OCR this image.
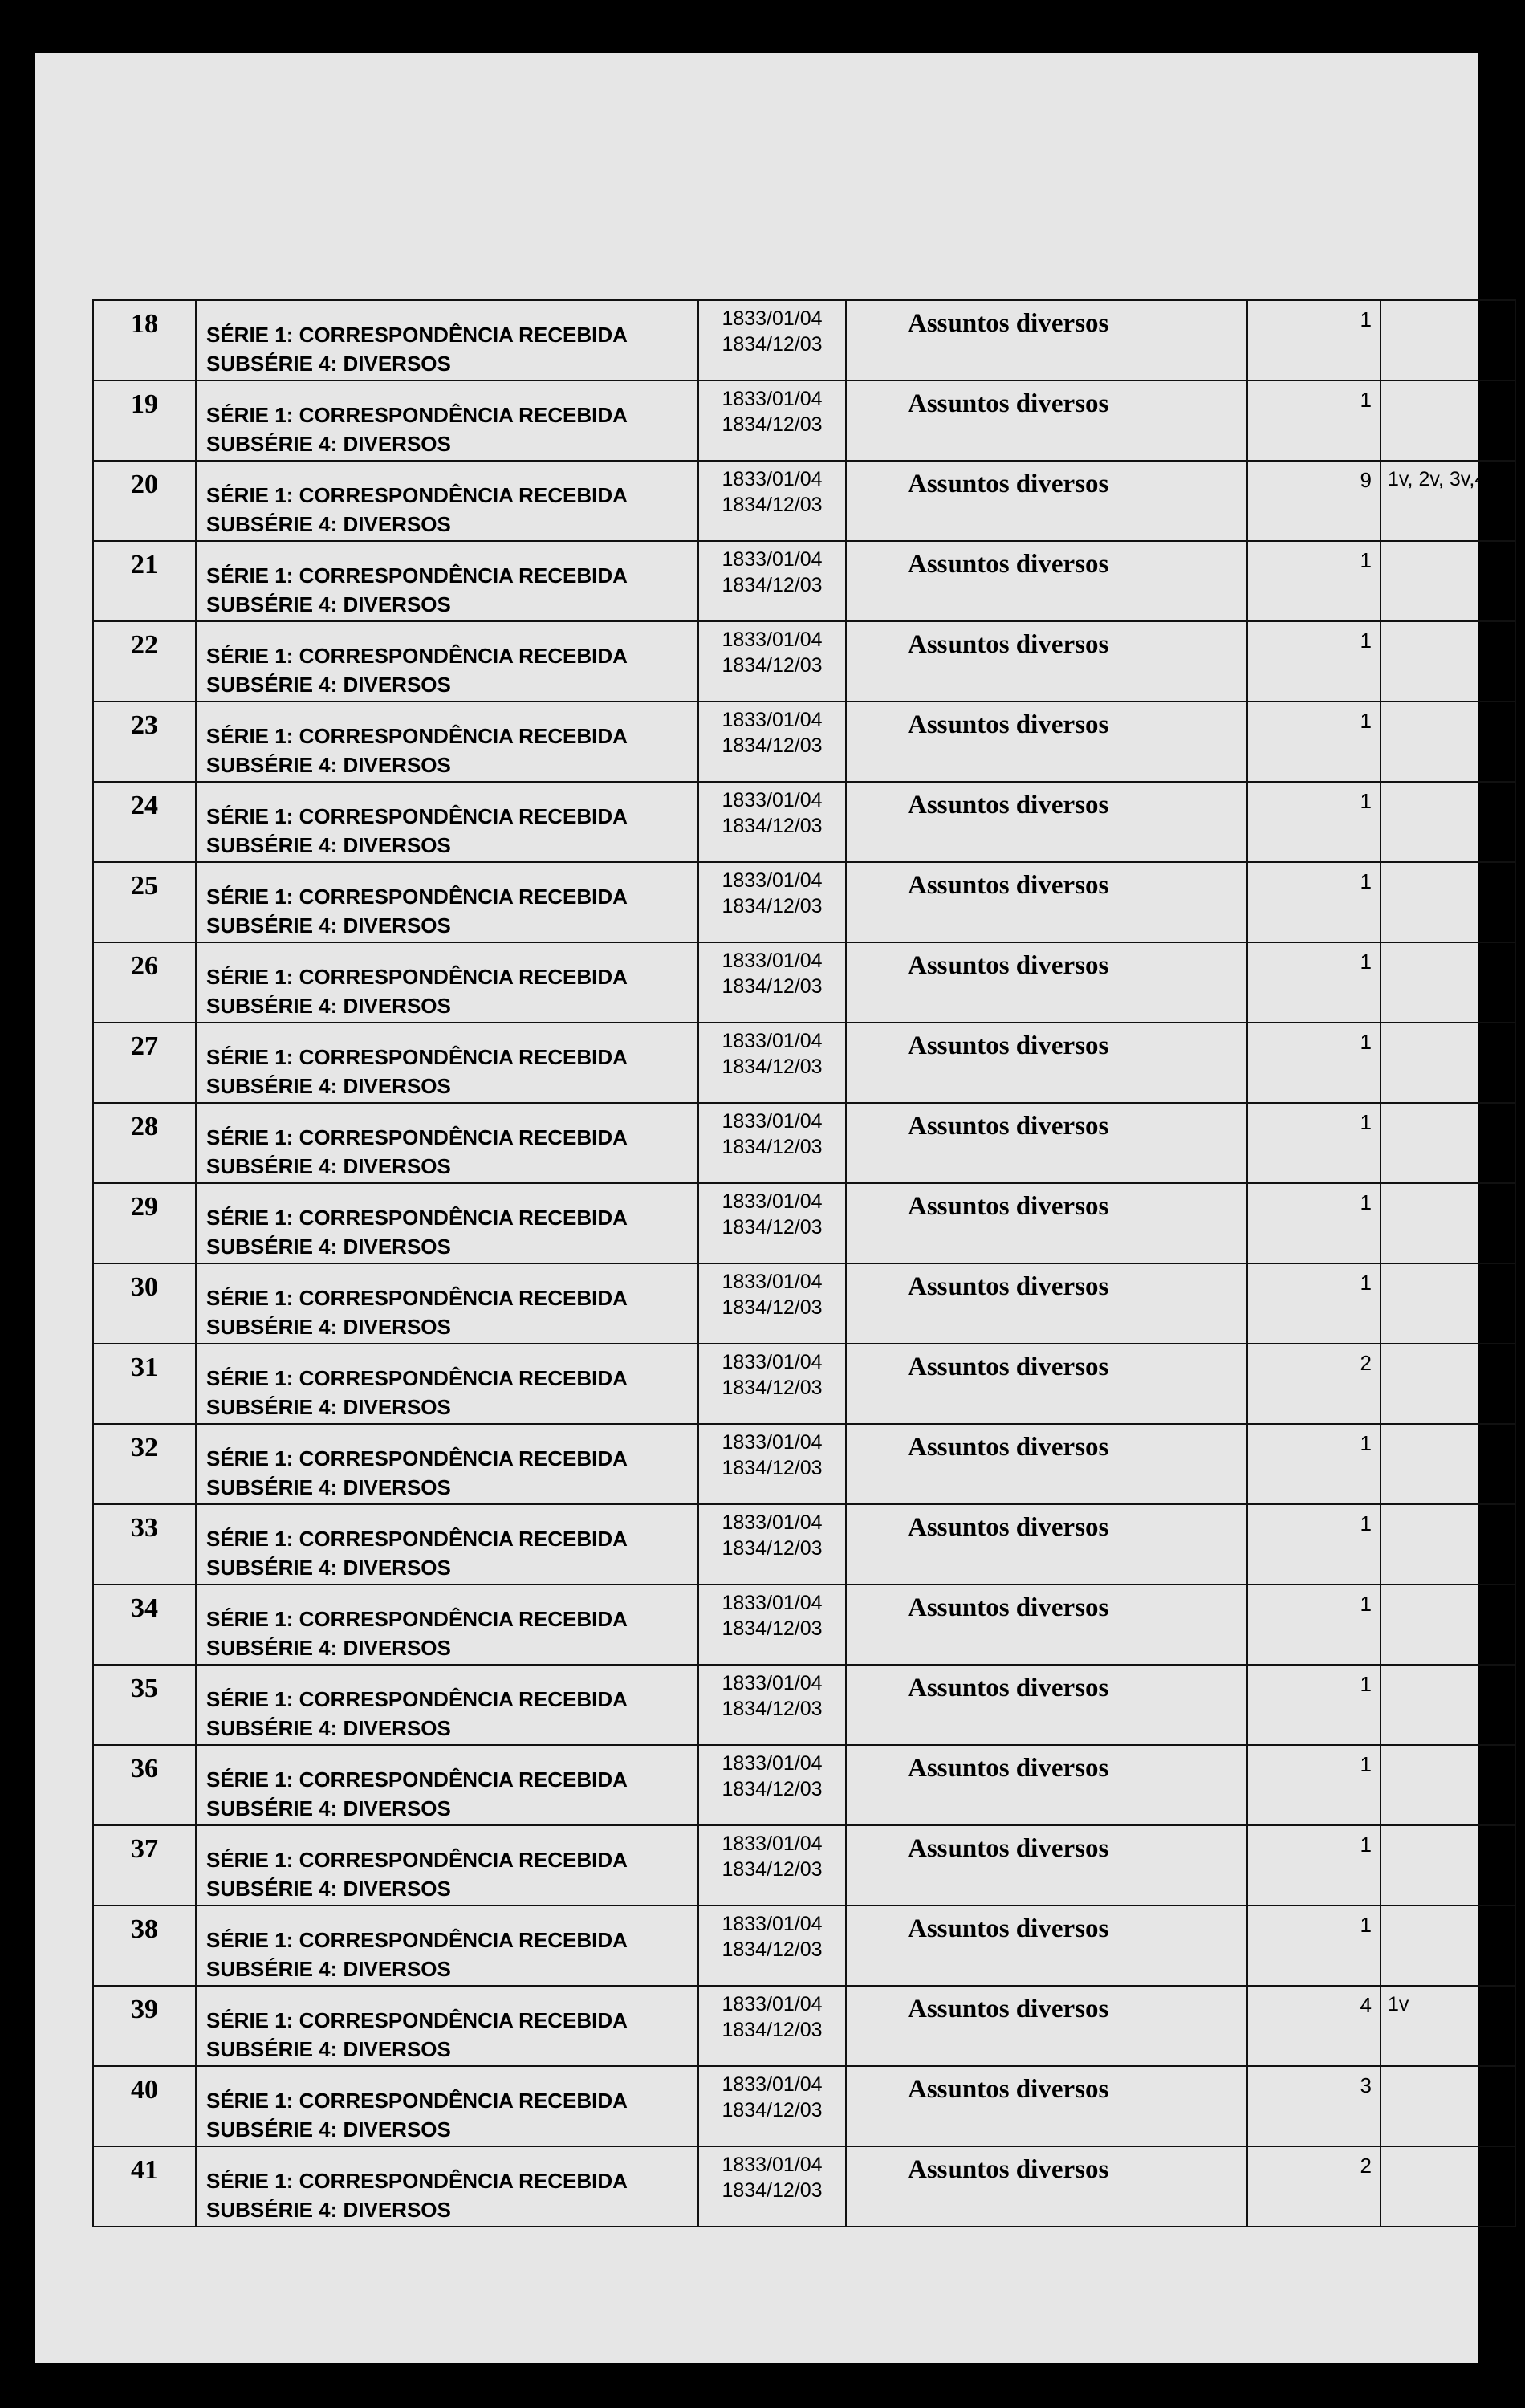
18	SÉRIE 1: CORRESPONDÊNCIA RECEBIDA
SUBSÉRIE 4: DIVERSOS	1833/01/04
1834/12/03	Assuntos diversos	1	
19	SÉRIE 1: CORRESPONDÊNCIA RECEBIDA
SUBSÉRIE 4: DIVERSOS	1833/01/04
1834/12/03	Assuntos diversos	1	
20	SÉRIE 1: CORRESPONDÊNCIA RECEBIDA
SUBSÉRIE 4: DIVERSOS	1833/01/04
1834/12/03	Assuntos diversos	9	1v, 2v, 3v,4
21	SÉRIE 1: CORRESPONDÊNCIA RECEBIDA
SUBSÉRIE 4: DIVERSOS	1833/01/04
1834/12/03	Assuntos diversos	1	
22	SÉRIE 1: CORRESPONDÊNCIA RECEBIDA
SUBSÉRIE 4: DIVERSOS	1833/01/04
1834/12/03	Assuntos diversos	1	
23	SÉRIE 1: CORRESPONDÊNCIA RECEBIDA
SUBSÉRIE 4: DIVERSOS	1833/01/04
1834/12/03	Assuntos diversos	1	
24	SÉRIE 1: CORRESPONDÊNCIA RECEBIDA
SUBSÉRIE 4: DIVERSOS	1833/01/04
1834/12/03	Assuntos diversos	1	
25	SÉRIE 1: CORRESPONDÊNCIA RECEBIDA
SUBSÉRIE 4: DIVERSOS	1833/01/04
1834/12/03	Assuntos diversos	1	
26	SÉRIE 1: CORRESPONDÊNCIA RECEBIDA
SUBSÉRIE 4: DIVERSOS	1833/01/04
1834/12/03	Assuntos diversos	1	
27	SÉRIE 1: CORRESPONDÊNCIA RECEBIDA
SUBSÉRIE 4: DIVERSOS	1833/01/04
1834/12/03	Assuntos diversos	1	
28	SÉRIE 1: CORRESPONDÊNCIA RECEBIDA
SUBSÉRIE 4: DIVERSOS	1833/01/04
1834/12/03	Assuntos diversos	1	
29	SÉRIE 1: CORRESPONDÊNCIA RECEBIDA
SUBSÉRIE 4: DIVERSOS	1833/01/04
1834/12/03	Assuntos diversos	1	
30	SÉRIE 1: CORRESPONDÊNCIA RECEBIDA
SUBSÉRIE 4: DIVERSOS	1833/01/04
1834/12/03	Assuntos diversos	1	
31	SÉRIE 1: CORRESPONDÊNCIA RECEBIDA
SUBSÉRIE 4: DIVERSOS	1833/01/04
1834/12/03	Assuntos diversos	2	
32	SÉRIE 1: CORRESPONDÊNCIA RECEBIDA
SUBSÉRIE 4: DIVERSOS	1833/01/04
1834/12/03	Assuntos diversos	1	
33	SÉRIE 1: CORRESPONDÊNCIA RECEBIDA
SUBSÉRIE 4: DIVERSOS	1833/01/04
1834/12/03	Assuntos diversos	1	
34	SÉRIE 1: CORRESPONDÊNCIA RECEBIDA
SUBSÉRIE 4: DIVERSOS	1833/01/04
1834/12/03	Assuntos diversos	1	
35	SÉRIE 1: CORRESPONDÊNCIA RECEBIDA
SUBSÉRIE 4: DIVERSOS	1833/01/04
1834/12/03	Assuntos diversos	1	
36	SÉRIE 1: CORRESPONDÊNCIA RECEBIDA
SUBSÉRIE 4: DIVERSOS	1833/01/04
1834/12/03	Assuntos diversos	1	
37	SÉRIE 1: CORRESPONDÊNCIA RECEBIDA
SUBSÉRIE 4: DIVERSOS	1833/01/04
1834/12/03	Assuntos diversos	1	
38	SÉRIE 1: CORRESPONDÊNCIA RECEBIDA
SUBSÉRIE 4: DIVERSOS	1833/01/04
1834/12/03	Assuntos diversos	1	
39	SÉRIE 1: CORRESPONDÊNCIA RECEBIDA
SUBSÉRIE 4: DIVERSOS	1833/01/04
1834/12/03	Assuntos diversos	4	1v
40	SÉRIE 1: CORRESPONDÊNCIA RECEBIDA
SUBSÉRIE 4: DIVERSOS	1833/01/04
1834/12/03	Assuntos diversos	3	
41	SÉRIE 1: CORRESPONDÊNCIA RECEBIDA
SUBSÉRIE 4: DIVERSOS	1833/01/04
1834/12/03	Assuntos diversos	2	
